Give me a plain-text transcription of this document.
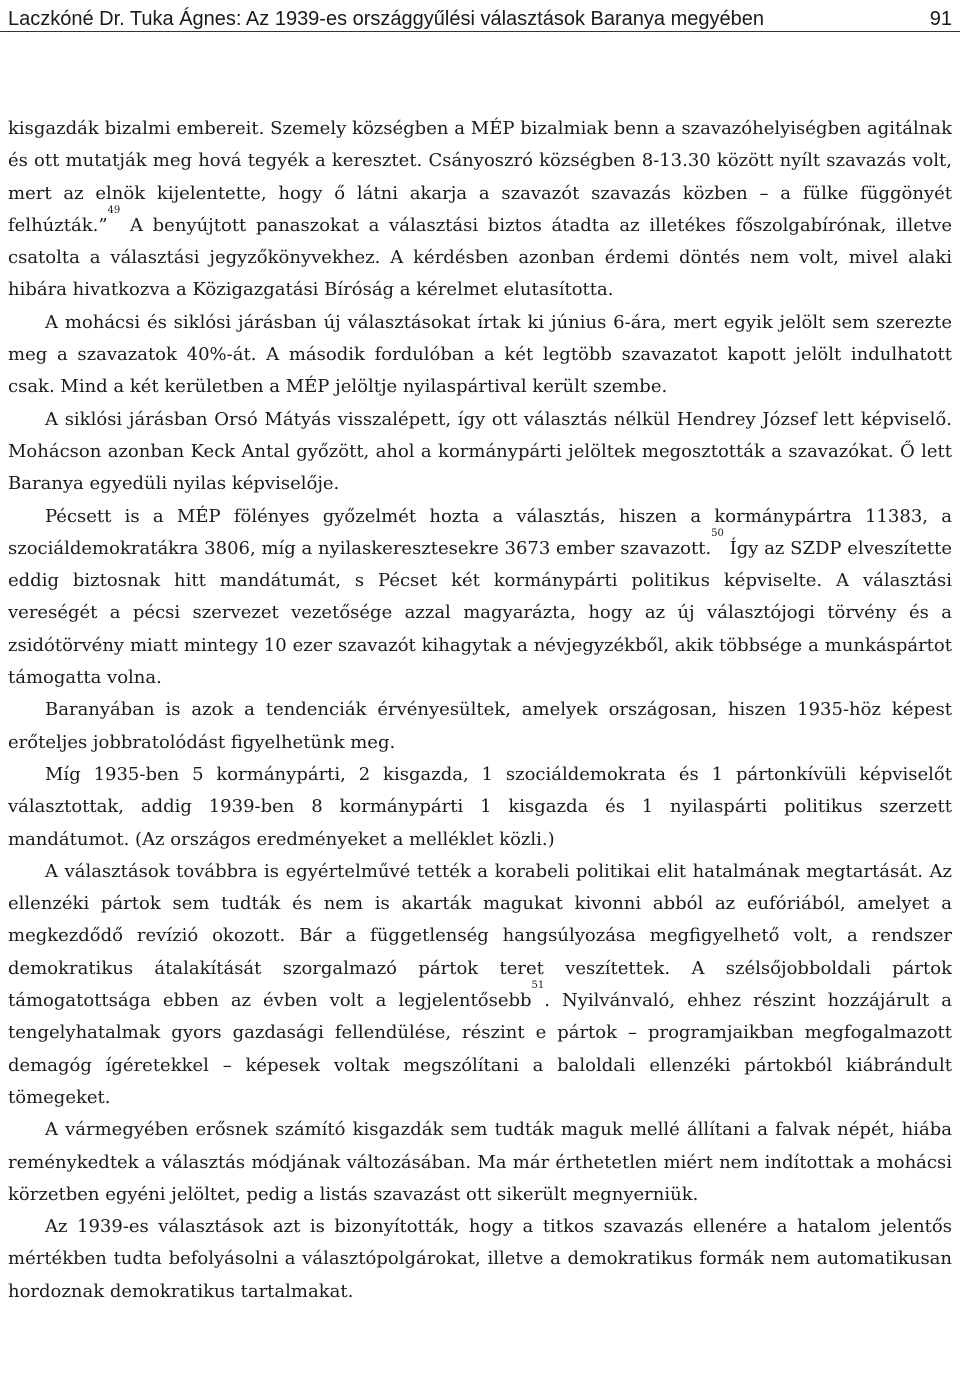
Laczkóné Dr. Tuka Ágnes: Az 1939-es országgyűlési választások Baranya megyében	91

kisgazdák bizalmi embereit. Szemely községben a MÉP bizalmiak benn a szavazóhelyiségben agitálnak és ott mutatják meg hová tegyék a keresztet. Csányoszró községben 8-13.30 között nyílt szavazás volt, mert az elnök kijelentette, hogy ő látni akarja a szavazót szavazás közben – a fülke függönyét felhúzták.”$^{49}$ A benyújtott panaszokat a választási biztos átadta az illetékes főszolgabírónak, illetve csatolta a választási jegyzőkönyvekhez. A kérdésben azonban érdemi döntés nem volt, mivel alaki hibára hivatkozva a Közigazgatási Bíróság a kérelmet elutasította.

A mohácsi és siklósi járásban új választásokat írtak ki június 6-ára, mert egyik jelölt sem szerezte meg a szavazatok 40%-át. A második fordulóban a két legtöbb szavazatot kapott jelölt indulhatott csak. Mind a két kerületben a MÉP jelöltje nyilaspártival került szembe.

A siklósi járásban Orsó Mátyás visszalépett, így ott választás nélkül Hendrey József lett képviselő. Mohácson azonban Keck Antal győzött, ahol a kormánypárti jelöltek megosztották a szavazókat. Ő lett Baranya egyedüli nyilas képviselője.

Pécsett is a MÉP fölényes győzelmét hozta a választás, hiszen a kormánypártra 11383, a szociáldemokratákra 3806, míg a nyilaskeresztesekre 3673 ember szavazott.$^{50}$ Így az SZDP elveszítette eddig biztosnak hitt mandátumát, s Pécset két kormánypárti politikus képviselte. A választási vereségét a pécsi szervezet vezetősége azzal magyarázta, hogy az új választójogi törvény és a zsidótörvény miatt mintegy 10 ezer szavazót kihagytak a névjegyzékből, akik többsége a munkáspártot támogatta volna.

Baranyában is azok a tendenciák érvényesültek, amelyek országosan, hiszen 1935-höz képest erőteljes jobbratolódást figyelhetünk meg.

Míg 1935-ben 5 kormánypárti, 2 kisgazda, 1 szociáldemokrata és 1 pártonkívüli képviselőt választottak, addig 1939-ben 8 kormánypárti 1 kisgazda és 1 nyilaspárti politikus szerzett mandátumot. (Az országos eredményeket a melléklet közli.)

A választások továbbra is egyértelművé tették a korabeli politikai elit hatalmának megtartását. Az ellenzéki pártok sem tudták és nem is akarták magukat kivonni abból az eufóriából, amelyet a megkezdődő revízió okozott. Bár a függetlenség hangsúlyozása megfigyelhető volt, a rendszer demokratikus átalakítását szorgalmazó pártok teret veszítettek. A szélsőjobboldali pártok támogatottsága ebben az évben volt a legjelentősebb$^{51}$. Nyilvánvaló, ehhez részint hozzájárult a tengelyhatalmak gyors gazdasági fellendülése, részint e pártok – programjaikban megfogalmazott demagóg ígéretekkel – képesek voltak megszólítani a baloldali ellenzéki pártokból kiábrándult tömegeket.

A vármegyében erősnek számító kisgazdák sem tudták maguk mellé állítani a falvak népét, hiába reménykedtek a választás módjának változásában. Ma már érthetetlen miért nem indítottak a mohácsi körzetben egyéni jelöltet, pedig a listás szavazást ott sikerült megnyerniük.

Az 1939-es választások azt is bizonyították, hogy a titkos szavazás ellenére a hatalom jelentős mértékben tudta befolyásolni a választópolgárokat, illetve a demokratikus formák nem automatikusan hordoznak demokratikus tartalmakat.
